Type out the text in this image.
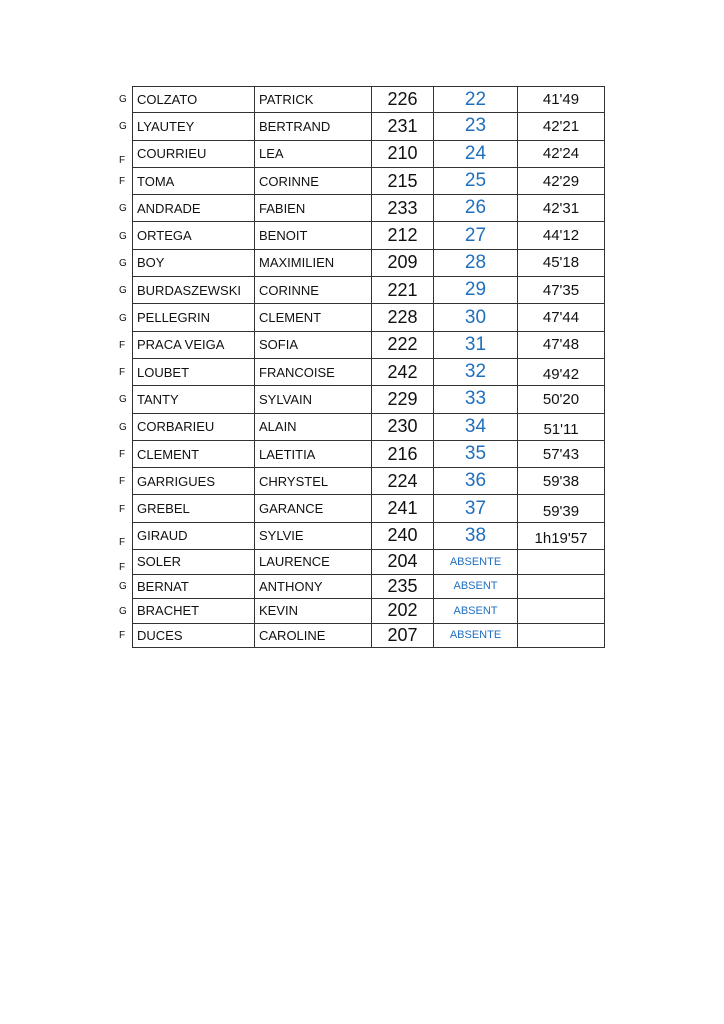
G COLZATO	PATRICK	226	22	41'49
G LYAUTEY	BERTRAND	231	23	42'21
F COURRIEU	LEA	210	24	42'24
F TOMA	CORINNE	215	25	42'29
G ANDRADE	FABIEN	233	26	42'31
G ORTEGA	BENOIT	212	27	44'12
G BOY	MAXIMILIEN	209	28	45'18
G BURDASZEWSKI	CORINNE	221	29	47'35
G PELLEGRIN	CLEMENT	228	30	47'44
F PRACA VEIGA	SOFIA	222	31	47'48
F LOUBET	FRANCOISE	242	32	49'42
G TANTY	SYLVAIN	229	33	50'20
G CORBARIEU	ALAIN	230	34	51'11
F CLEMENT	LAETITIA	216	35	57'43
F GARRIGUES	CHRYSTEL	224	36	59'38
F GREBEL	GARANCE	241	37	59'39
F GIRAUD	SYLVIE	240	38	1h19'57
F SOLER	LAURENCE	204	ABSENTE
G BERNAT	ANTHONY	235	ABSENT
G BRACHET	KEVIN	202	ABSENT
F DUCES	CAROLINE	207	ABSENTE
